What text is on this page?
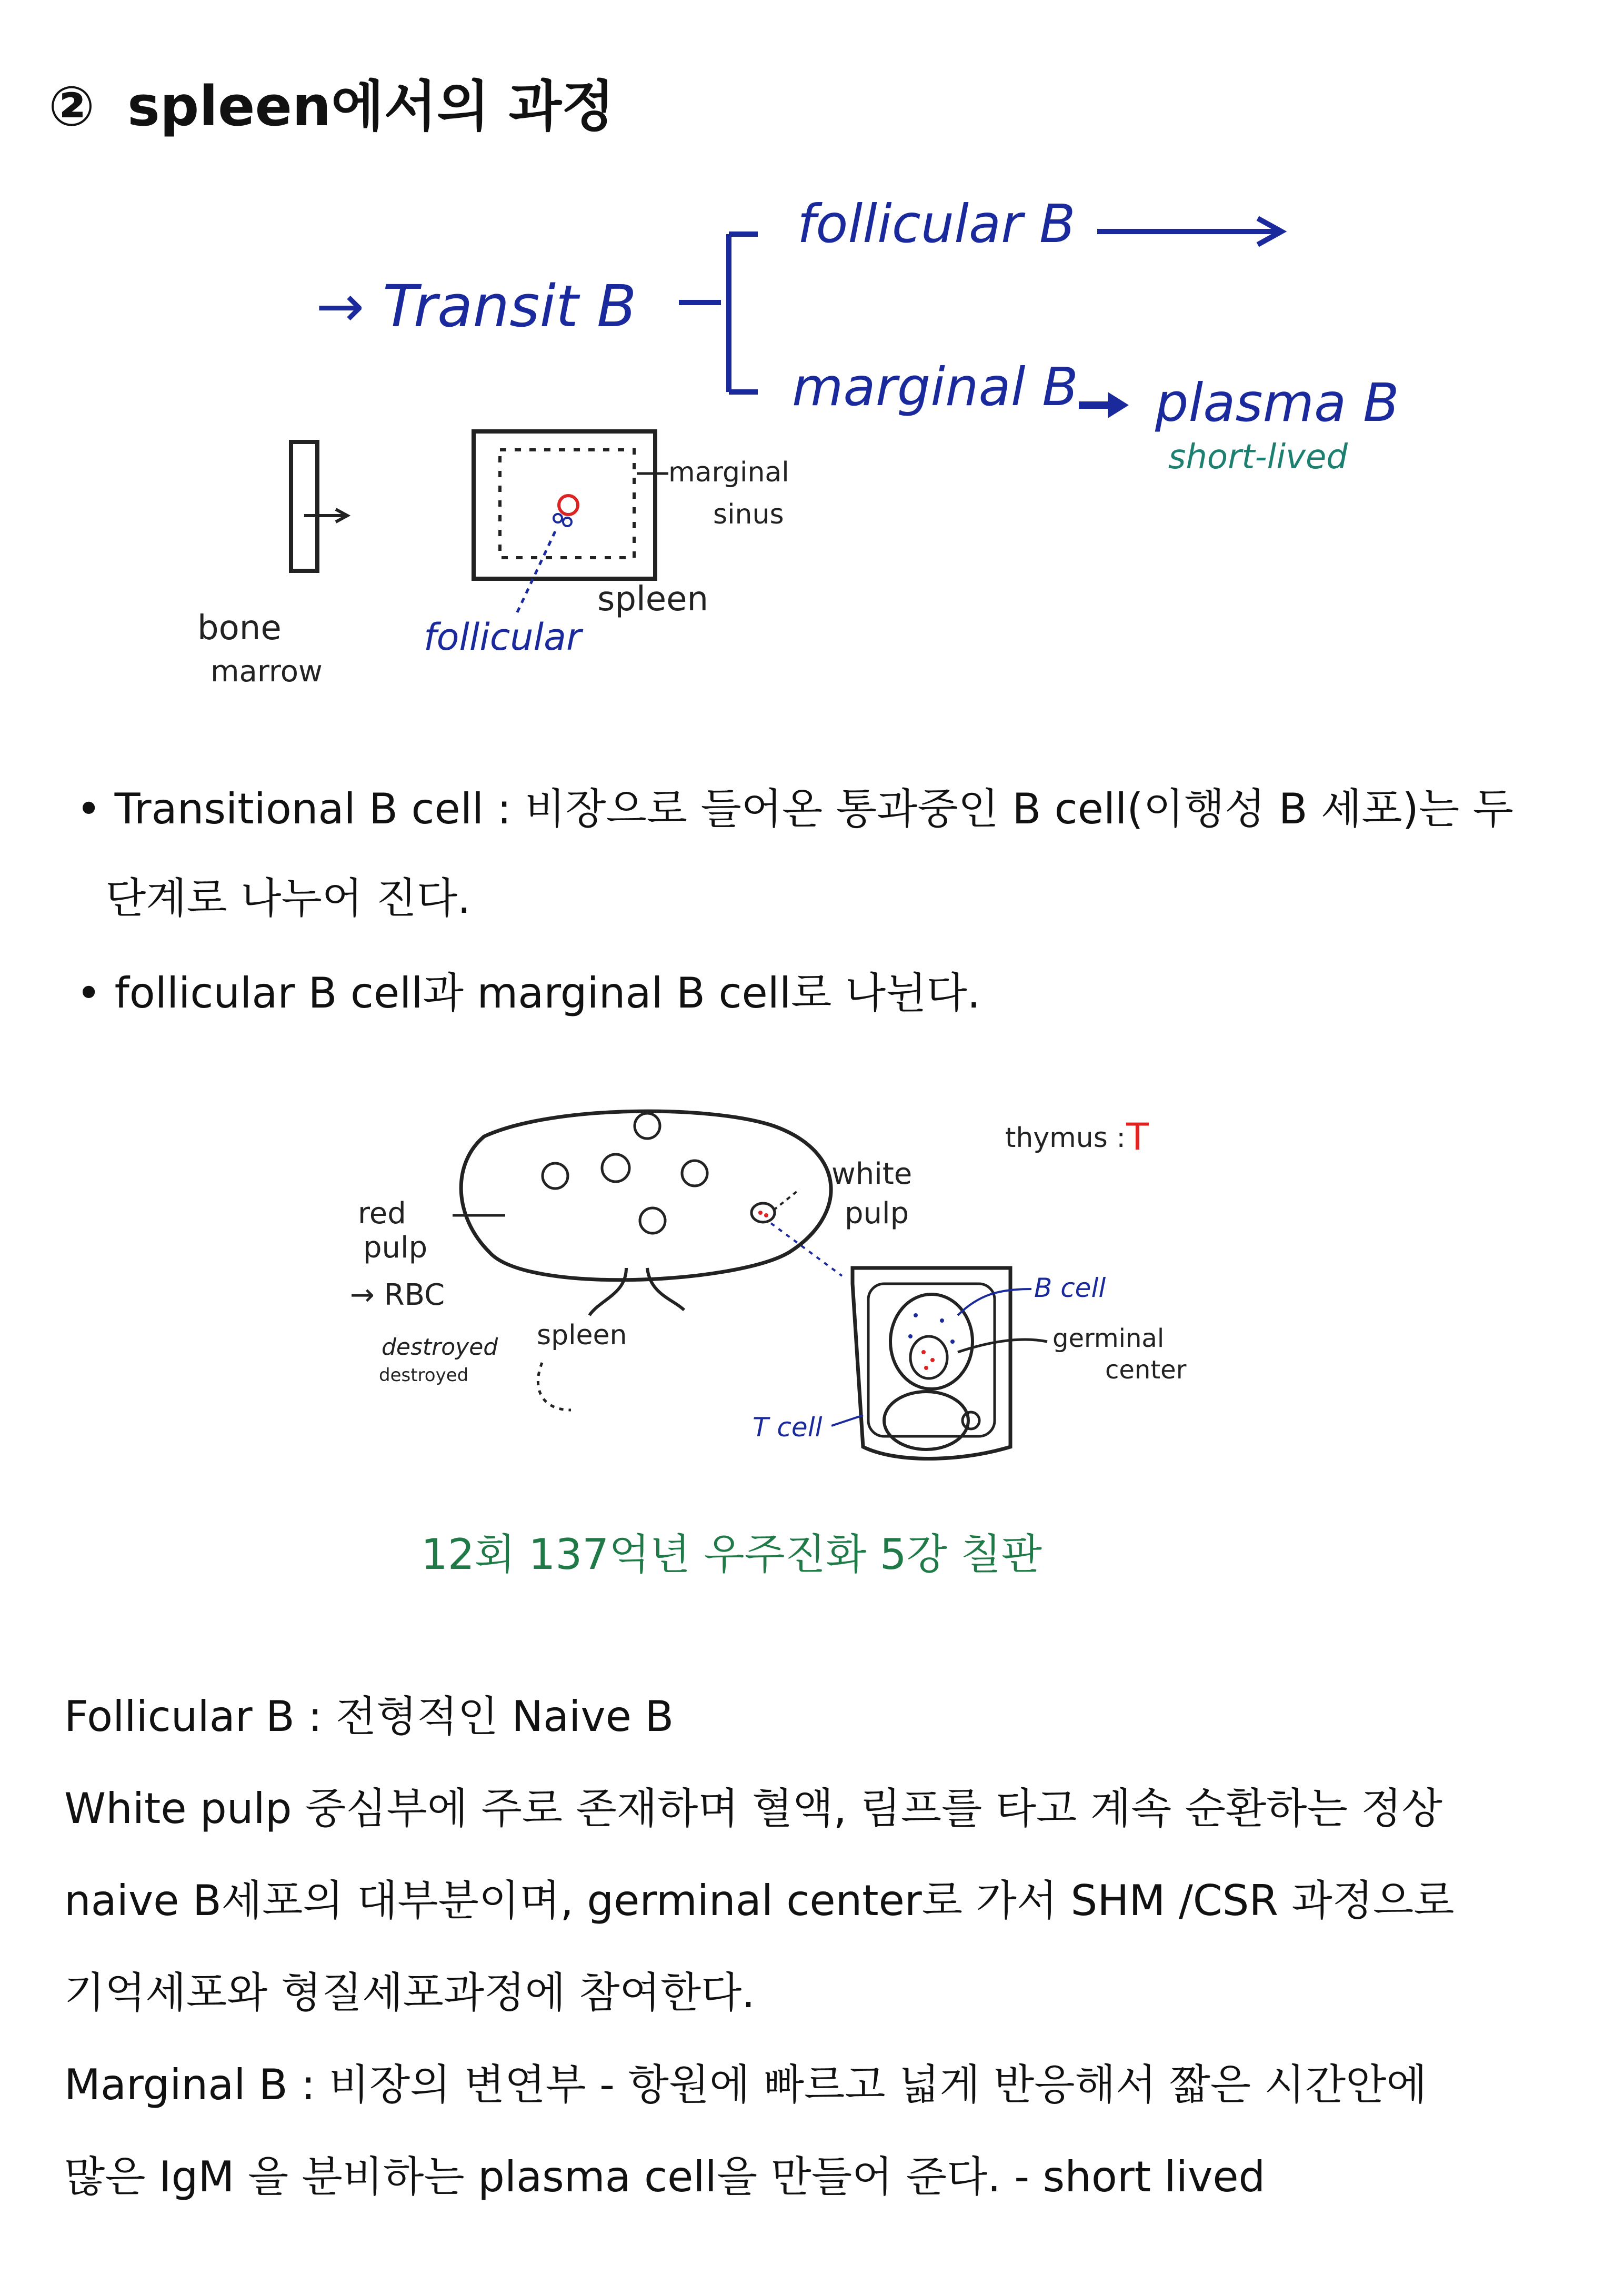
② spleen에서의 과정
→ Transit B
follicular B
marginal B plasma B
short-lived
bone
marrow
marginal
sinus
spleen
follicular
• Transitional B cell : 비장으로 들어온 통과중인 B cell(이행성 B 세포)는 두
단계로 나누어 진다.
• follicular B cell과 marginal B cell로 나뉜다.
thymus : T
white
pulp
red
pulp
→ RBC
destroyed
destroyed
spleen
B cell
germinal
center
T cell
12회 137억년 우주진화 5강 칠판
Follicular B : 전형적인 Naive B
White pulp 중심부에 주로 존재하며 혈액, 림프를 타고 계속 순환하는 정상
naive B세포의 대부분이며, germinal center로 가서 SHM /CSR 과정으로
기억세포와 형질세포과정에 참여한다.
Marginal B : 비장의 변연부 - 항원에 빠르고 넓게 반응해서 짧은 시간안에
많은 IgM 을 분비하는 plasma cell을 만들어 준다. - short lived
